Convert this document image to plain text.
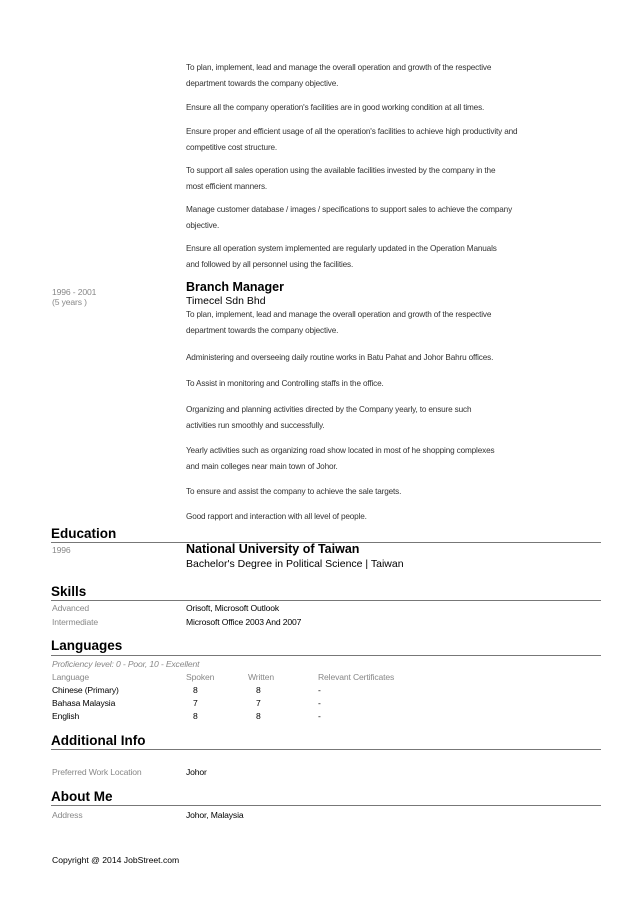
To plan, implement, lead and manage the overall operation and growth of the respective
department towards the company objective.
Ensure all the company operation's facilities are in good working condition at all times.
Ensure proper and efficient usage of all the operation's facilities to achieve high productivity and
competitive cost structure.
To support all sales operation using the available facilities invested by the company in the
most efficient manners.
Manage customer database / images / specifications to support sales to achieve the company
objective.
Ensure all operation system implemented are regularly updated in the Operation Manuals
and followed by all personnel using the facilities.
1996 - 2001
(5 years )
Branch Manager
Timecel Sdn Bhd
To plan, implement, lead and manage the overall operation and growth of the respective
department towards the company objective.
Administering and overseeing daily routine works in Batu Pahat and Johor Bahru offices.
To Assist in monitoring and Controlling staffs in the office.
Organizing and planning activities directed by the Company yearly, to ensure such
activities run smoothly and successfully.
Yearly activities such as organizing road show located in most of he shopping complexes
and main colleges near main town of Johor.
To ensure and assist the company to achieve the sale targets.
Good rapport and interaction with all level of people.
Education
1996	National University of Taiwan
Bachelor's Degree in Political Science | Taiwan
Skills
Advanced	Orisoft, Microsoft Outlook
Intermediate	Microsoft Office 2003 And 2007
Languages
Proficiency level: 0 - Poor, 10 - Excellent
Language	Spoken	Written	Relevant Certificates
Chinese (Primary)	8	8	-
Bahasa Malaysia	7	7	-
English	8	8	-
Additional Info
Preferred Work Location	Johor
About Me
Address	Johor, Malaysia
Copyright @ 2014 JobStreet.com
